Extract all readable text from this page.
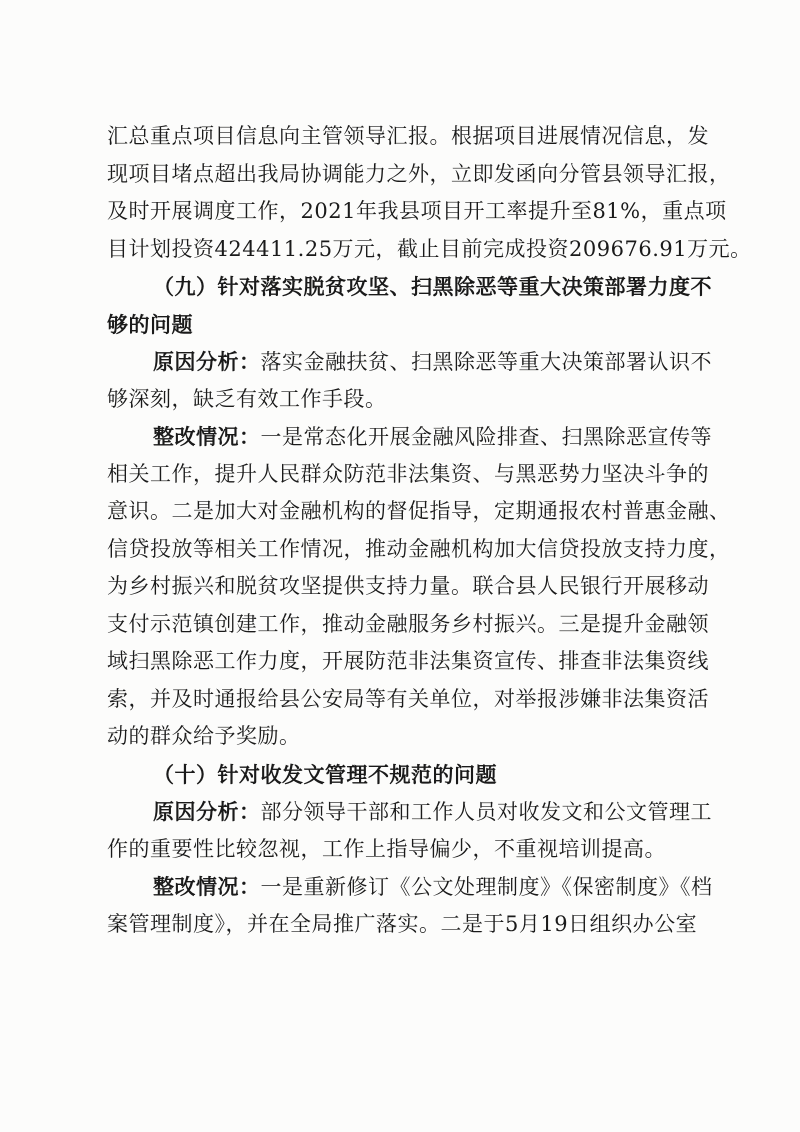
汇总重点项目信息向主管领导汇报。根据项目进展情况信息，发
现项目堵点超出我局协调能力之外，立即发函向分管县领导汇报，
及时开展调度工作，2021年我县项目开工率提升至81%，重点项
目计划投资424411.25万元，截止目前完成投资209676.91万元。
（九）针对落实脱贫攻坚、扫黑除恶等重大决策部署力度不
够的问题
原因分析：落实金融扶贫、扫黑除恶等重大决策部署认识不
够深刻，缺乏有效工作手段。
整改情况：一是常态化开展金融风险排查、扫黑除恶宣传等
相关工作，提升人民群众防范非法集资、与黑恶势力坚决斗争的
意识。二是加大对金融机构的督促指导，定期通报农村普惠金融、
信贷投放等相关工作情况，推动金融机构加大信贷投放支持力度，
为乡村振兴和脱贫攻坚提供支持力量。联合县人民银行开展移动
支付示范镇创建工作，推动金融服务乡村振兴。三是提升金融领
域扫黑除恶工作力度，开展防范非法集资宣传、排查非法集资线
索，并及时通报给县公安局等有关单位，对举报涉嫌非法集资活
动的群众给予奖励。
（十）针对收发文管理不规范的问题
原因分析：部分领导干部和工作人员对收发文和公文管理工
作的重要性比较忽视，工作上指导偏少，不重视培训提高。
整改情况：一是重新修订《公文处理制度》《保密制度》《档
案管理制度》，并在全局推广落实。二是于5月19日组织办公室
